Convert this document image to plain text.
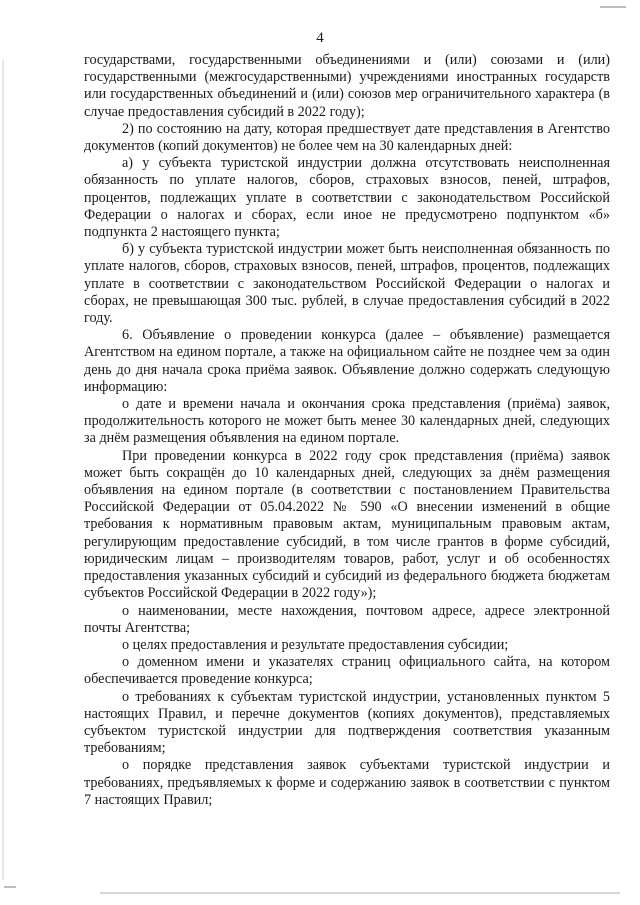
4

государствами, государственными объединениями и (или) союзами и (или) государственными (межгосударственными) учреждениями иностранных государств или государственных объединений и (или) союзов мер ограничительного характера (в случае предоставления субсидий в 2022 году);

2) по состоянию на дату, которая предшествует дате представления в Агентство документов (копий документов) не более чем на 30 календарных дней:

а) у субъекта туристской индустрии должна отсутствовать неисполненная обязанность по уплате налогов, сборов, страховых взносов, пеней, штрафов, процентов, подлежащих уплате в соответствии с законодательством Российской Федерации о налогах и сборах, если иное не предусмотрено подпунктом «б» подпункта 2 настоящего пункта;

б) у субъекта туристской индустрии может быть неисполненная обязанность по уплате налогов, сборов, страховых взносов, пеней, штрафов, процентов, подлежащих уплате в соответствии с законодательством Российской Федерации о налогах и сборах, не превышающая 300 тыс. рублей, в случае предоставления субсидий в 2022 году.

6. Объявление о проведении конкурса (далее – объявление) размещается Агентством на едином портале, а также на официальном сайте не позднее чем за один день до дня начала срока приёма заявок. Объявление должно содержать следующую информацию:

о дате и времени начала и окончания срока представления (приёма) заявок, продолжительность которого не может быть менее 30 календарных дней, следующих за днём размещения объявления на едином портале.

При проведении конкурса в 2022 году срок представления (приёма) заявок может быть сокращён до 10 календарных дней, следующих за днём размещения объявления на едином портале (в соответствии с постановлением Правительства Российской Федерации от 05.04.2022 № 590 «О внесении изменений в общие требования к нормативным правовым актам, муниципальным правовым актам, регулирующим предоставление субсидий, в том числе грантов в форме субсидий, юридическим лицам – производителям товаров, работ, услуг и об особенностях предоставления указанных субсидий и субсидий из федерального бюджета бюджетам субъектов Российской Федерации в 2022 году»);

о наименовании, месте нахождения, почтовом адресе, адресе электронной почты Агентства;

о целях предоставления и результате предоставления субсидии;

о доменном имени и указателях страниц официального сайта, на котором обеспечивается проведение конкурса;

о требованиях к субъектам туристской индустрии, установленных пунктом 5 настоящих Правил, и перечне документов (копиях документов), представляемых субъектом туристской индустрии для подтверждения соответствия указанным требованиям;

о порядке представления заявок субъектами туристской индустрии и требованиях, предъявляемых к форме и содержанию заявок в соответствии с пунктом 7 настоящих Правил;
